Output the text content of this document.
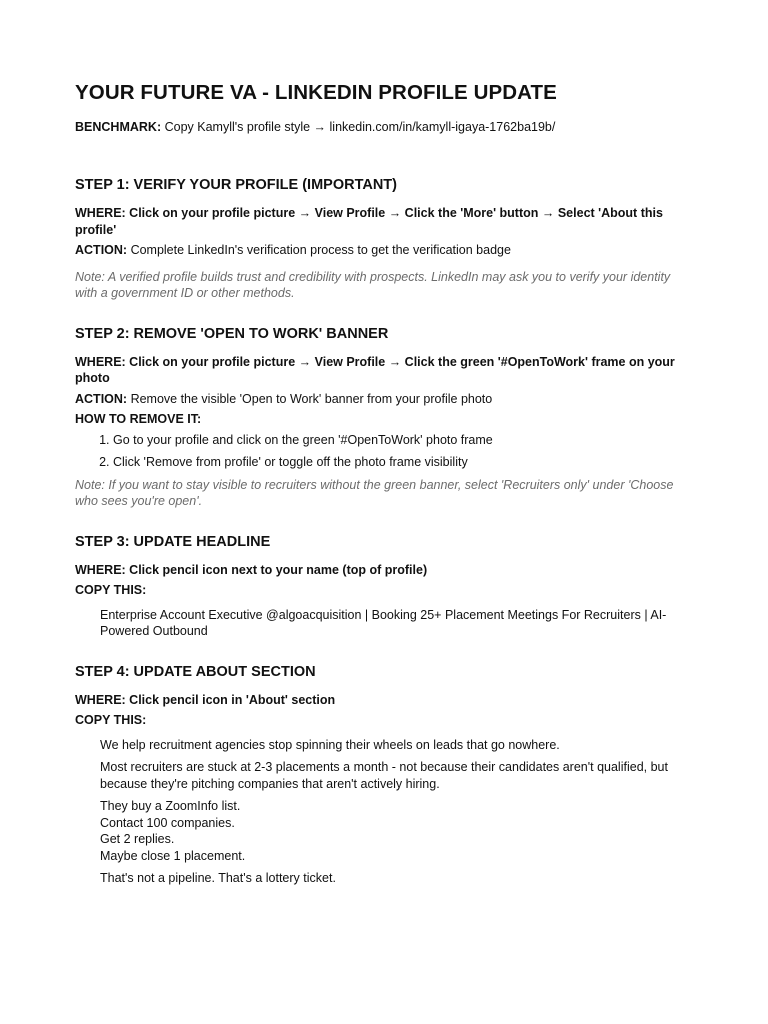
YOUR FUTURE VA - LINKEDIN PROFILE UPDATE
BENCHMARK: Copy Kamyll's profile style → linkedin.com/in/kamyll-igaya-1762ba19b/
STEP 1: VERIFY YOUR PROFILE (IMPORTANT)
WHERE: Click on your profile picture → View Profile → Click the 'More' button → Select 'About this profile'
ACTION: Complete LinkedIn's verification process to get the verification badge
Note: A verified profile builds trust and credibility with prospects. LinkedIn may ask you to verify your identity with a government ID or other methods.
STEP 2: REMOVE 'OPEN TO WORK' BANNER
WHERE: Click on your profile picture → View Profile → Click the green '#OpenToWork' frame on your photo
ACTION: Remove the visible 'Open to Work' banner from your profile photo
HOW TO REMOVE IT:
1. Go to your profile and click on the green '#OpenToWork' photo frame
2. Click 'Remove from profile' or toggle off the photo frame visibility
Note: If you want to stay visible to recruiters without the green banner, select 'Recruiters only' under 'Choose who sees you're open'.
STEP 3: UPDATE HEADLINE
WHERE: Click pencil icon next to your name (top of profile)
COPY THIS:
Enterprise Account Executive @algoacquisition | Booking 25+ Placement Meetings For Recruiters | AI-Powered Outbound
STEP 4: UPDATE ABOUT SECTION
WHERE: Click pencil icon in 'About' section
COPY THIS:
We help recruitment agencies stop spinning their wheels on leads that go nowhere.
Most recruiters are stuck at 2-3 placements a month - not because their candidates aren't qualified, but because they're pitching companies that aren't actively hiring.
They buy a ZoomInfo list.
Contact 100 companies.
Get 2 replies.
Maybe close 1 placement.
That's not a pipeline. That's a lottery ticket.
